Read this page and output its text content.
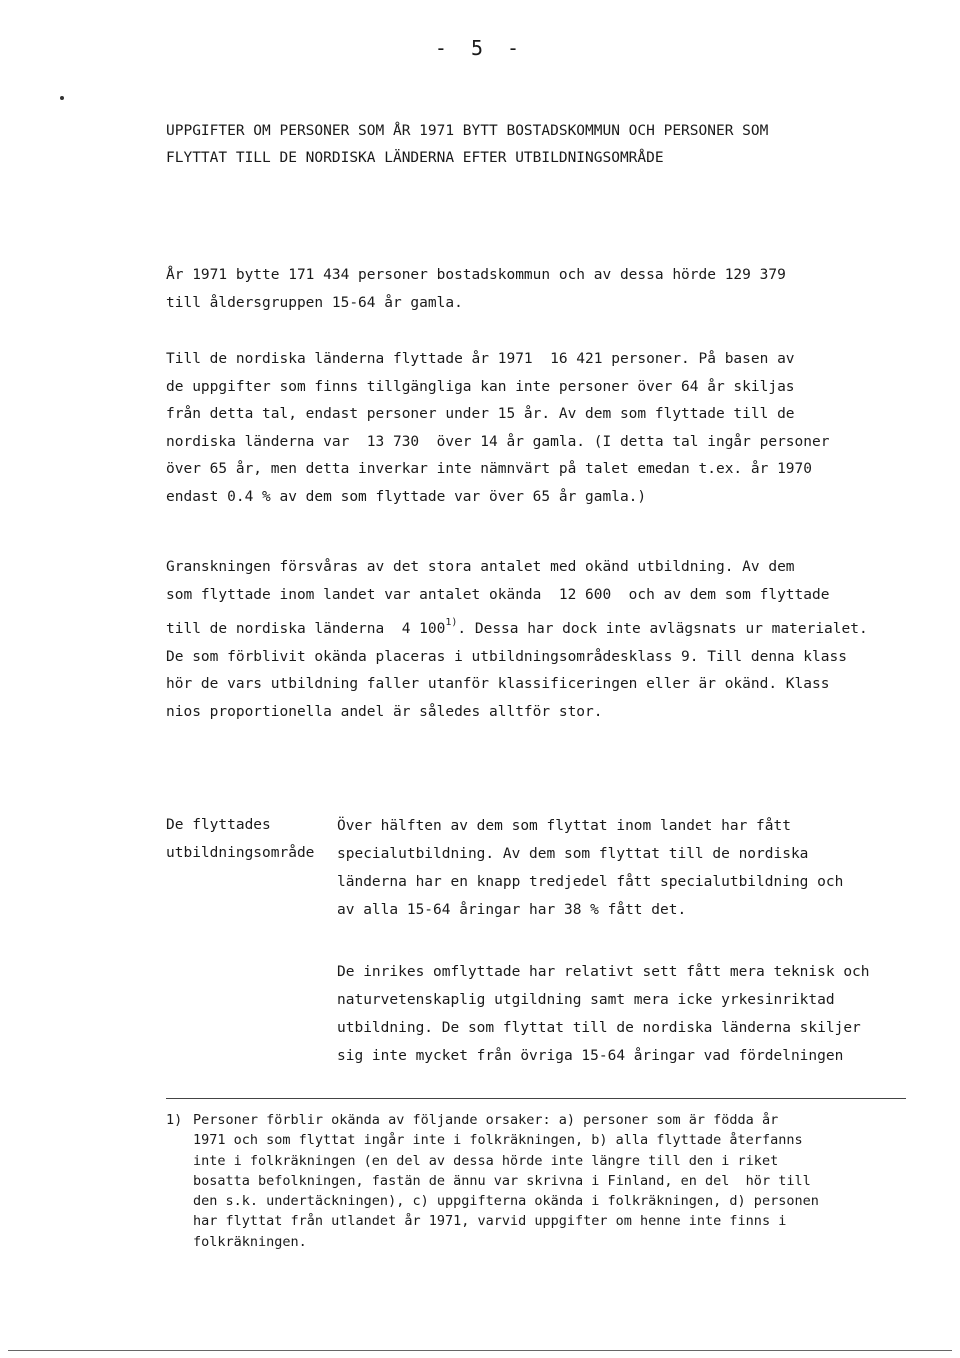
- 5 -
UPPGIFTER OM PERSONER SOM ÅR 1971 BYTT BOSTADSKOMMUN OCH PERSONER SOM
FLYTTAT TILL DE NORDISKA LÄNDERNA EFTER UTBILDNINGSOMRÅDE
År 1971 bytte 171 434 personer bostadskommun och av dessa hörde 129 379
till åldersgruppen 15-64 år gamla.
Till de nordiska länderna flyttade år 1971  16 421 personer. På basen av
de uppgifter som finns tillgängliga kan inte personer över 64 år skiljas
från detta tal, endast personer under 15 år. Av dem som flyttade till de
nordiska länderna var  13 730  över 14 år gamla. (I detta tal ingår personer
över 65 år, men detta inverkar inte nämnvärt på talet emedan t.ex. år 1970
endast 0.4 % av dem som flyttade var över 65 år gamla.)
Granskningen försvåras av det stora antalet med okänd utbildning. Av dem
som flyttade inom landet var antalet okända  12 600  och av dem som flyttade
till de nordiska länderna  4 100$^{1)}$. Dessa har dock inte avlägsnats ur materialet.
De som förblivit okända placeras i utbildningsområdesklass 9. Till denna klass
hör de vars utbildning faller utanför klassificeringen eller är okänd. Klass
nios proportionella andel är således alltför stor.
De flyttades
utbildningsområde
Över hälften av dem som flyttat inom landet har fått
specialutbildning. Av dem som flyttat till de nordiska
länderna har en knapp tredjedel fått specialutbildning och
av alla 15-64 åringar har 38 % fått det.
De inrikes omflyttade har relativt sett fått mera teknisk och
naturvetenskaplig utgildning samt mera icke yrkesinriktad
utbildning. De som flyttat till de nordiska länderna skiljer
sig inte mycket från övriga 15-64 åringar vad fördelningen
1) Personer förblir okända av följande orsaker: a) personer som är födda år
1971 och som flyttat ingår inte i folkräkningen, b) alla flyttade återfanns
inte i folkräkningen (en del av dessa hörde inte längre till den i riket
bosatta befolkningen, fastän de ännu var skrivna i Finland, en del  hör till
den s.k. undertäckningen), c) uppgifterna okända i folkräkningen, d) personen
har flyttat från utlandet år 1971, varvid uppgifter om henne inte finns i
folkräkningen.
